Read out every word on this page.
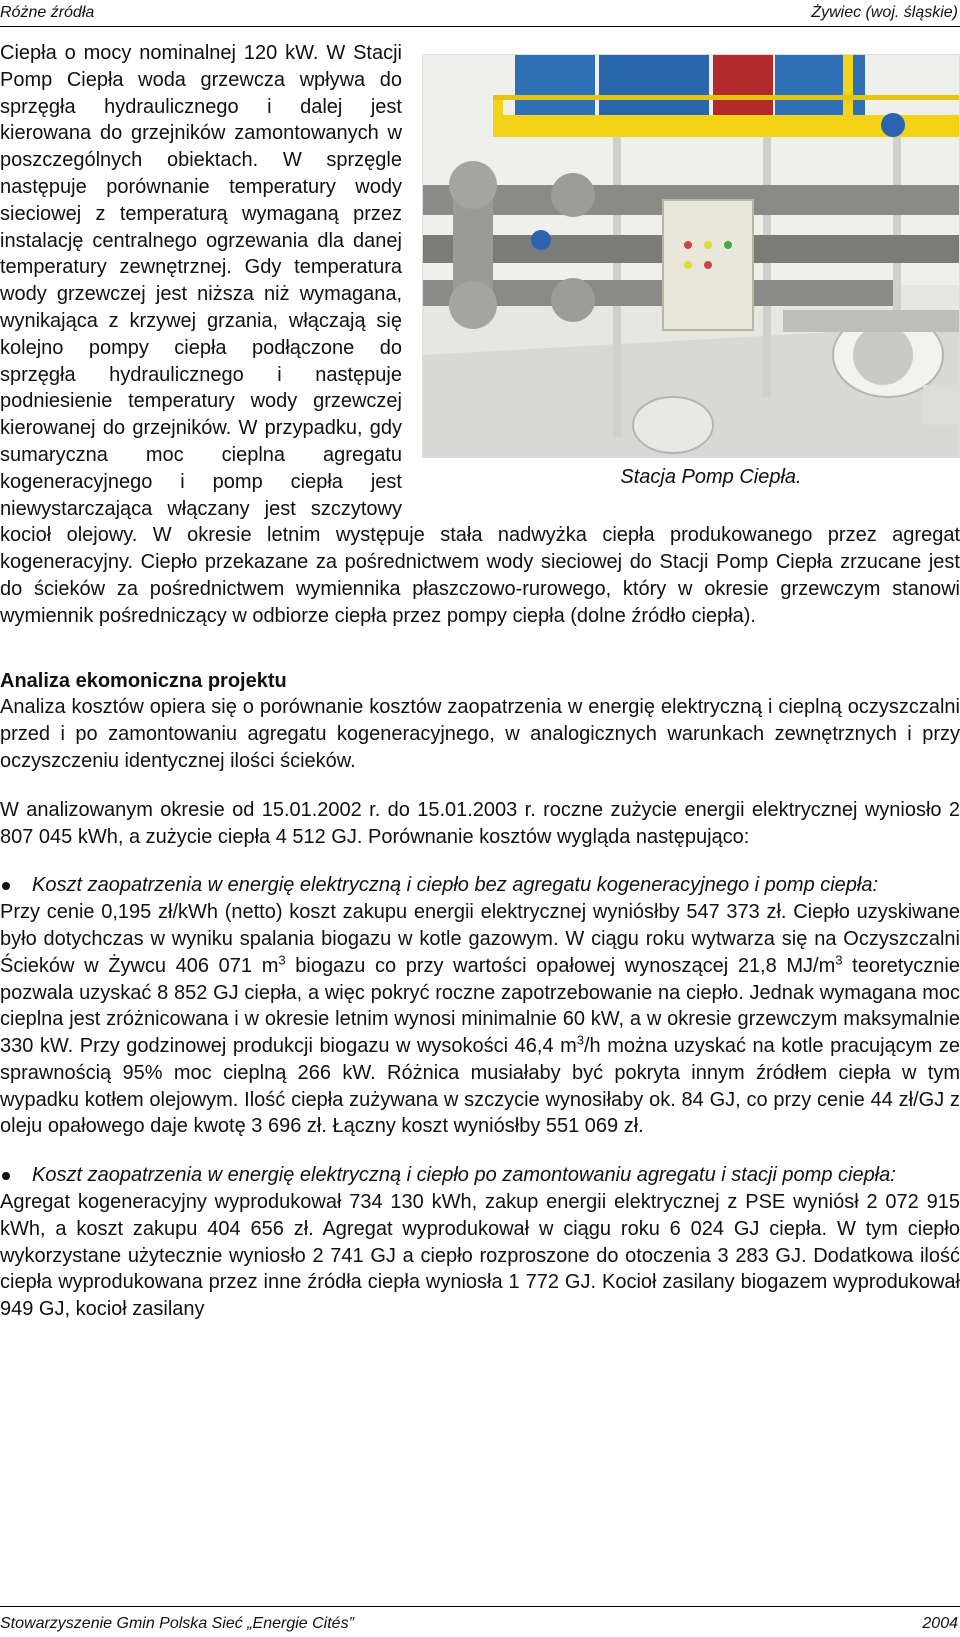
Różne źródła	Żywiec (woj. śląskie)
Stacja Pomp Ciepła.

Ciepła o mocy nominalnej 120 kW. W Stacji Pomp Ciepła woda grzewcza wpływa do sprzęgła hydraulicznego i dalej jest kierowana do grzejników zamontowanych w poszczególnych obiektach. W sprzęgle następuje porównanie temperatury wody sieciowej z temperaturą wymaganą przez instalację centralnego ogrzewania dla danej temperatury zewnętrznej. Gdy temperatura wody grzewczej jest niższa niż wymagana, wynikająca z krzywej grzania, włączają się kolejno pompy ciepła podłączone do sprzęgła hydraulicznego i następuje podniesienie temperatury wody grzewczej kierowanej do grzejników. W przypadku, gdy sumaryczna moc cieplna agregatu kogeneracyjnego i pomp ciepła jest niewystarczająca włączany jest szczytowy kocioł olejowy. W okresie letnim występuje stała nadwyżka ciepła produkowanego przez agregat kogeneracyjny. Ciepło przekazane za pośrednictwem wody sieciowej do Stacji Pomp Ciepła zrzucane jest do ścieków za pośrednictwem wymiennika płaszczowo-rurowego, który w okresie grzewczym stanowi wymiennik pośredniczący w odbiorze ciepła przez pompy ciepła (dolne źródło ciepła).

Analiza ekomoniczna projektu

Analiza kosztów opiera się o porównanie kosztów zaopatrzenia w energię elektryczną i cieplną oczyszczalni przed i po zamontowaniu agregatu kogeneracyjnego, w analogicznych warunkach zewnętrznych i przy oczyszczeniu identycznej ilości ścieków.

W analizowanym okresie od 15.01.2002 r. do 15.01.2003 r. roczne zużycie energii elektrycznej wyniosło 2 807 045 kWh, a zużycie ciepła 4 512 GJ. Porównanie kosztów wygląda następująco:

Koszt zaopatrzenia w energię elektryczną i ciepło bez agregatu kogeneracyjnego i pomp ciepła:

Przy cenie 0,195 zł/kWh (netto) koszt zakupu energii elektrycznej wyniósłby 547 373 zł. Ciepło uzyskiwane było dotychczas w wyniku spalania biogazu w kotle gazowym. W ciągu roku wytwarza się na Oczyszczalni Ścieków w Żywcu 406 071 $m^3$ biogazu co przy wartości opałowej wynoszącej 21,8 $MJ/m^3$ teoretycznie pozwala uzyskać 8 852 GJ ciepła, a więc pokryć roczne zapotrzebowanie na ciepło. Jednak wymagana moc cieplna jest zróżnicowana i w okresie letnim wynosi minimalnie 60 kW, a w okresie grzewczym maksymalnie 330 kW. Przy godzinowej produkcji biogazu w wysokości 46,4 $m^3/h$ można uzyskać na kotle pracującym ze sprawnością 95% moc cieplną 266 kW. Różnica musiałaby być pokryta innym źródłem ciepła w tym wypadku kotłem olejowym. Ilość ciepła zużywana w szczycie wynosiłaby ok. 84 GJ, co przy cenie 44 zł/GJ z oleju opałowego daje kwotę 3 696 zł. Łączny koszt wyniósłby 551 069 zł.

Koszt zaopatrzenia w energię elektryczną i ciepło po zamontowaniu agregatu i stacji pomp ciepła:

Agregat kogeneracyjny wyprodukował 734 130 kWh, zakup energii elektrycznej z PSE wyniósł 2 072 915 kWh, a koszt zakupu 404 656 zł. Agregat wyprodukował w ciągu roku 6 024 GJ ciepła. W tym ciepło wykorzystane użytecznie wyniosło 2 741 GJ a ciepło rozproszone do otoczenia 3 283 GJ. Dodatkowa ilość ciepła wyprodukowana przez inne źródła ciepła wyniosła 1 772 GJ. Kocioł zasilany biogazem wyprodukował 949 GJ, kocioł zasilany

Stowarzyszenie Gmin Polska Sieć „Energie Cités”	2004
